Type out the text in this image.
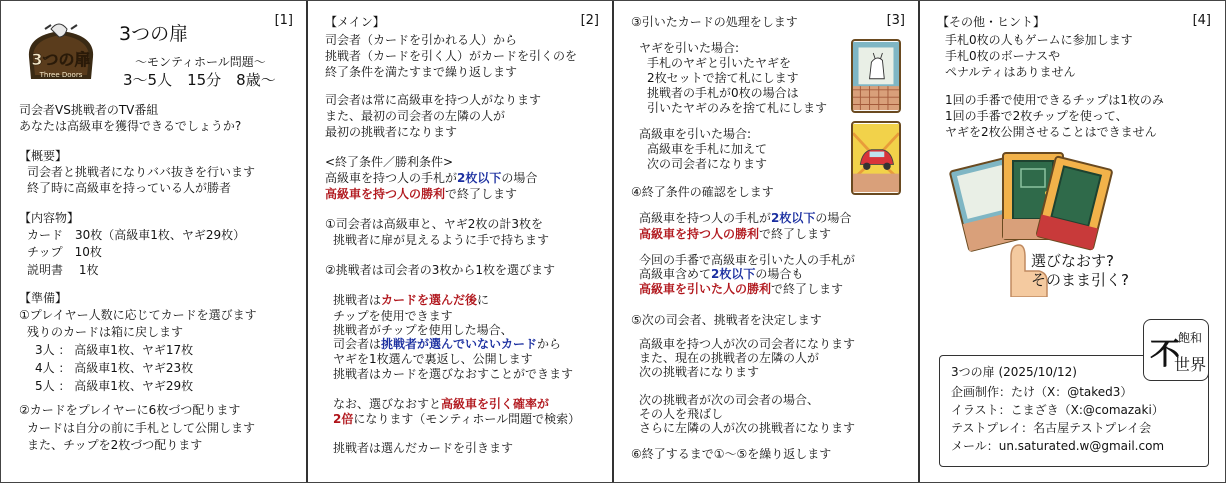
[1]
3つの扉
Three Doors
3つの扉
～モンティホール問題～
3～5人　15分　8歳～
司会者VS挑戦者のTV番組
あなたは高級車を獲得できるでしょうか?
【概要】
司会者と挑戦者になりババ抜きを行います
終了時に高級車を持っている人が勝者
【内容物】
カード　30枚（高級車1枚、ヤギ29枚）
チップ　10枚
説明書　 1枚
【準備】
①プレイヤー人数に応じてカードを選びます
残りのカードは箱に戻します
3人 ： 高級車1枚、ヤギ17枚
4人 ： 高級車1枚、ヤギ23枚
5人 ： 高級車1枚、ヤギ29枚
②カードをプレイヤーに6枚づつ配ります
カードは自分の前に手札として公開します
また、チップを2枚づつ配ります
[2]
【メイン】
司会者（カードを引かれる人）から
挑戦者（カードを引く人）がカードを引くのを
終了条件を満たすまで繰り返します
司会者は常に高級車を持つ人がなります
また、最初の司会者の左隣の人が
最初の挑戦者になります
<終了条件／勝利条件>
高級車を持つ人の手札が2枚以下の場合
高級車を持つ人の勝利で終了します
①司会者は高級車と、ヤギ2枚の計3枚を
挑戦者に扉が見えるように手で持ちます
②挑戦者は司会者の3枚から1枚を選びます
挑戦者はカードを選んだ後に
チップを使用できます
挑戦者がチップを使用した場合、
司会者は挑戦者が選んでいないカードから
ヤギを1枚選んで裏返し、公開します
挑戦者はカードを選びなおすことができます
なお、選びなおすと高級車を引く確率が
2倍になります（モンティホール問題で検索）
挑戦者は選んだカードを引きます
[3]
③引いたカードの処理をします
ヤギを引いた場合:
手札のヤギと引いたヤギを
2枚セットで捨て札にします
挑戦者の手札が0枚の場合は
引いたヤギのみを捨て札にします
高級車を引いた場合:
高級車を手札に加えて
次の司会者になります
④終了条件の確認をします
高級車を持つ人の手札が2枚以下の場合
高級車を持つ人の勝利で終了します
今回の手番で高級車を引いた人の手札が
高級車含めて2枚以下の場合も
高級車を引いた人の勝利で終了します
⑤次の司会者、挑戦者を決定します
高級車を持つ人が次の司会者になります
また、現在の挑戦者の左隣の人が
次の挑戦者になります
次の挑戦者が次の司会者の場合、
その人を飛ばし
さらに左隣の人が次の挑戦者になります
⑥終了するまで①～⑤を繰り返します
[4]
【その他・ヒント】
手札0枚の人もゲームに参加します
手札0枚のボーナスや
ペナルティはありません
1回の手番で使用できるチップは1枚のみ
1回の手番で2枚チップを使って、
ヤギを2枚公開させることはできません
選びなおす?
そのまま引く?
不
飽和
世界
3つの扉 (2025/10/12)
企画制作：たけ（X：@taked3）
イラスト：こまざき（X:@comazaki）
テストプレイ：名古屋テストプレイ会
メール：un.saturated.w@gmail.com
